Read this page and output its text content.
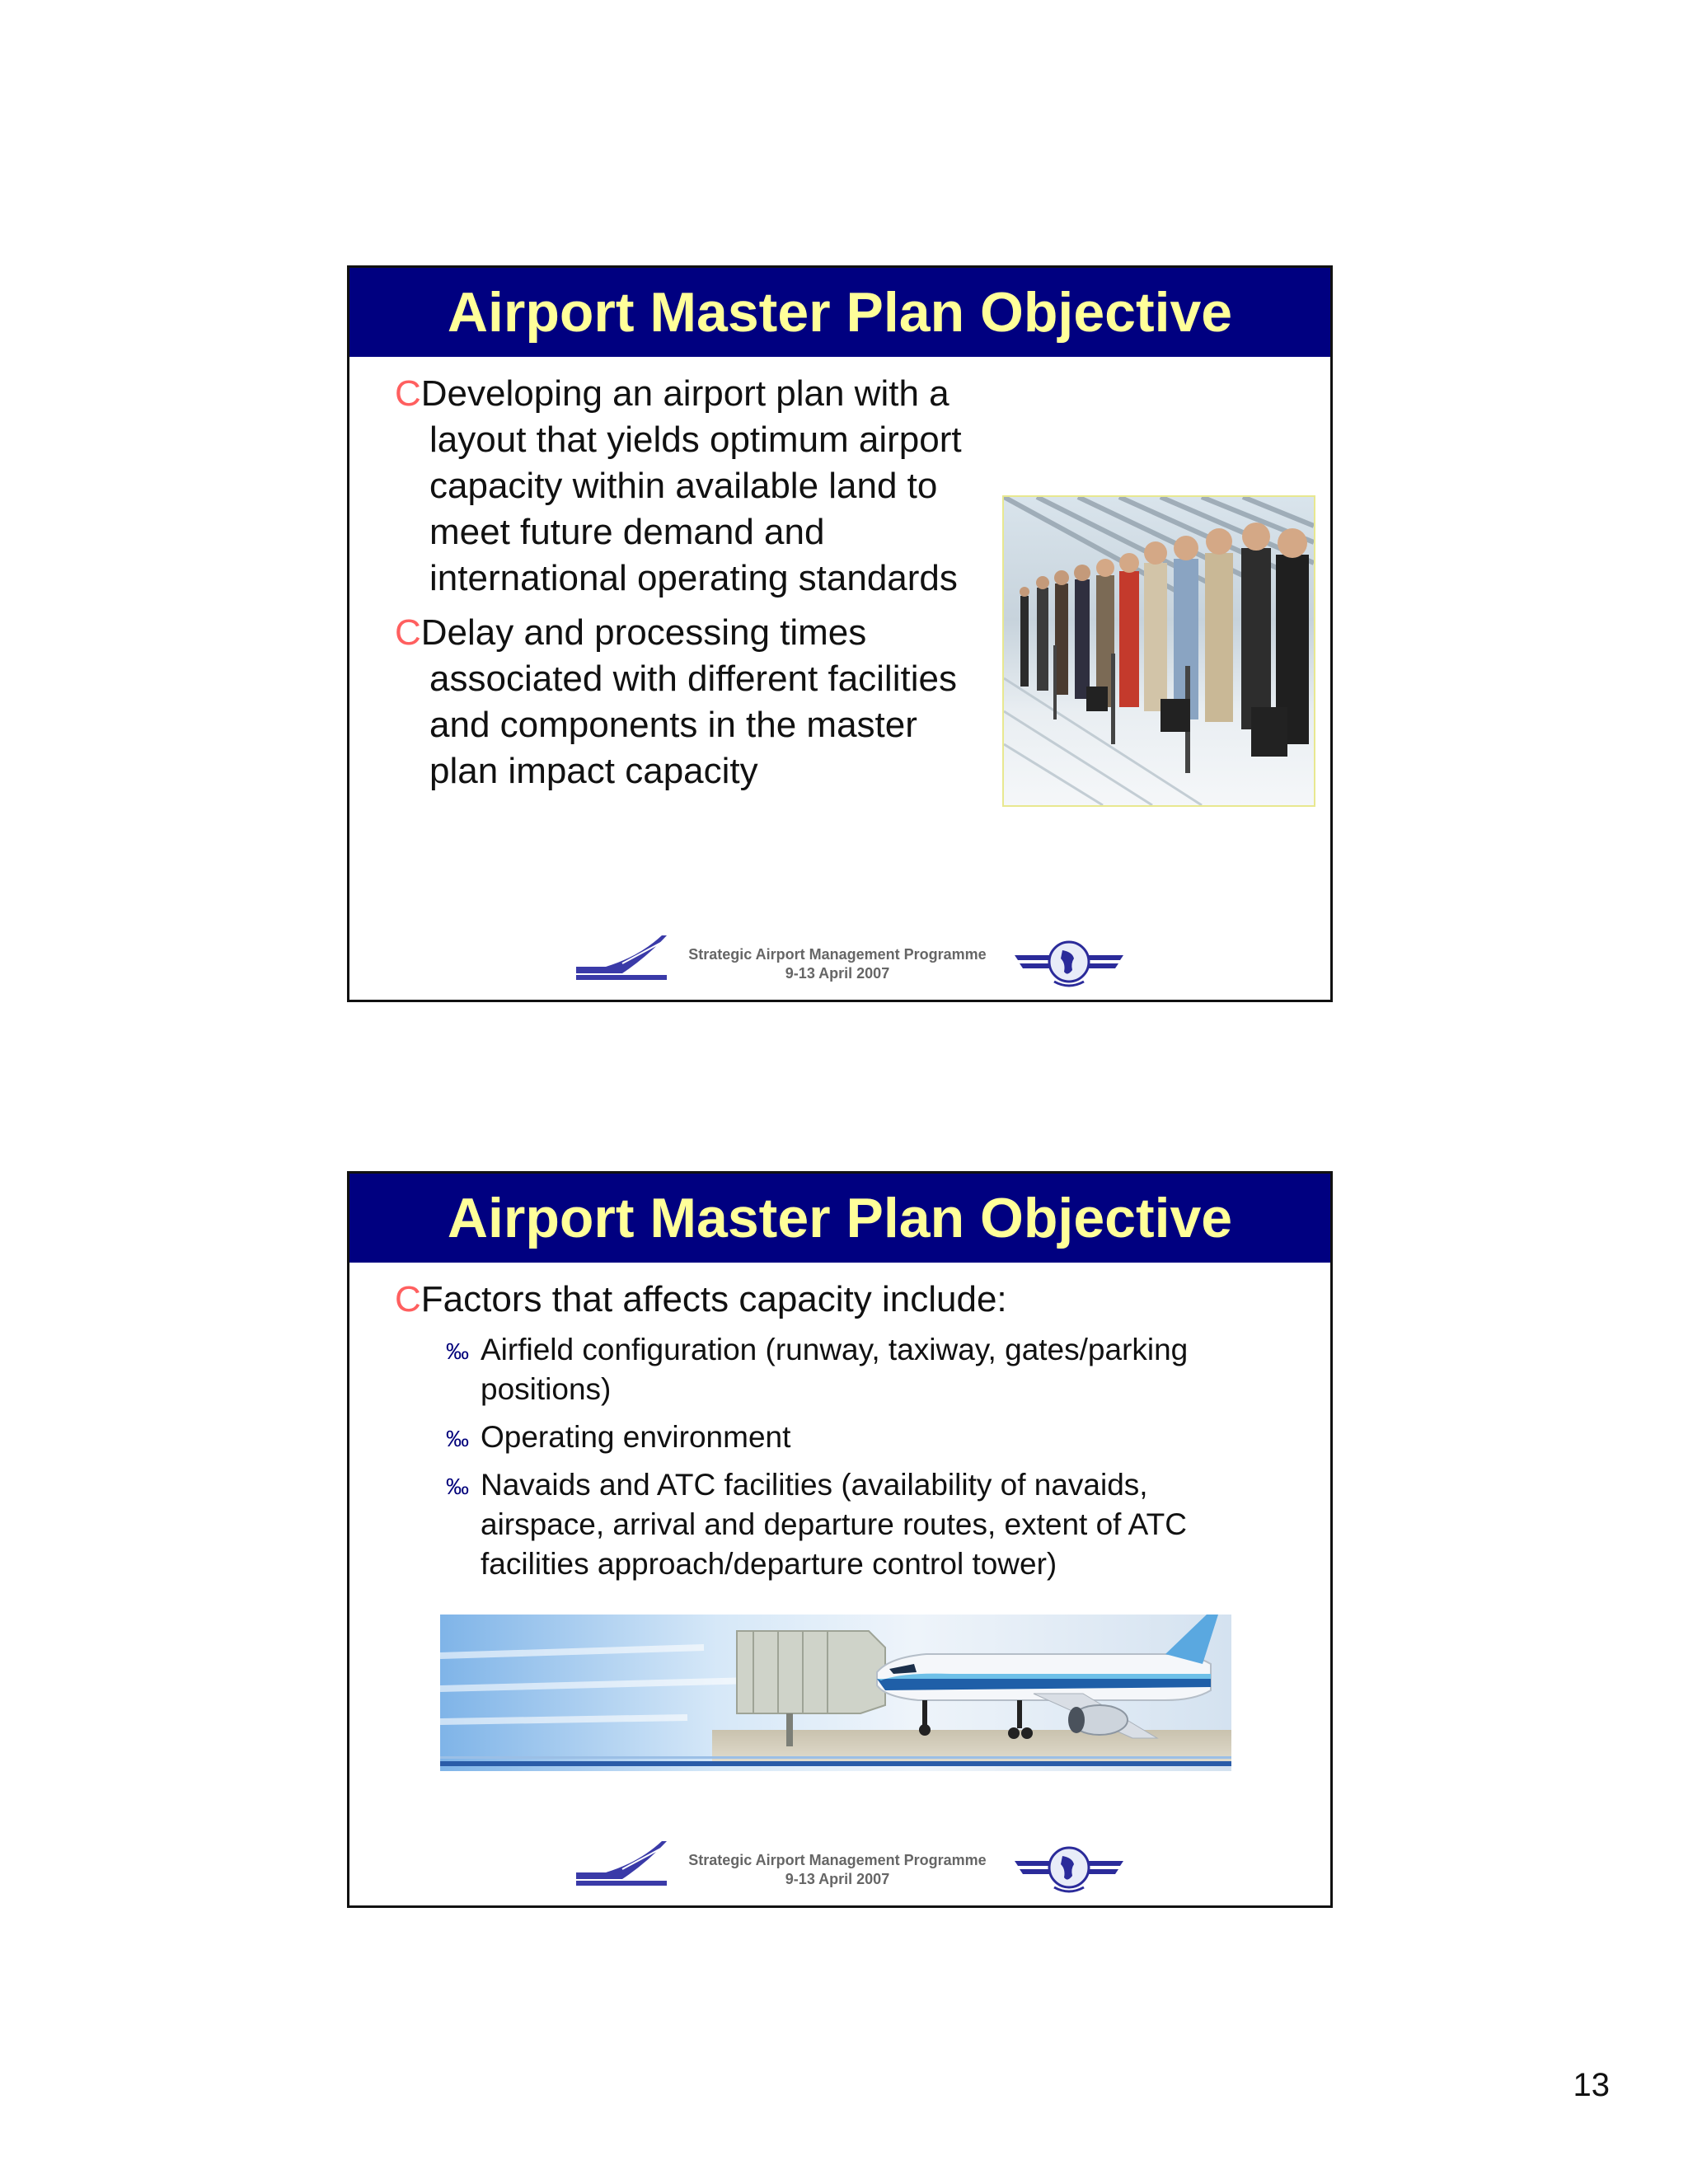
Airport Master Plan Objective
CDeveloping an airport plan with a
layout that yields optimum airport
capacity within available land to
meet future demand and
international operating standards
CDelay and processing times
associated with different facilities
and components in the master
plan impact capacity
Strategic Airport Management Programme
9-13 April 2007
Airport Master Plan Objective
CFactors that affects capacity include:
‰ Airfield configuration (runway, taxiway, gates/parking positions)
‰ Operating environment
‰ Navaids and ATC facilities (availability of navaids, airspace, arrival and departure routes, extent of ATC facilities approach/departure control tower)
Strategic Airport Management Programme
9-13 April 2007
13
